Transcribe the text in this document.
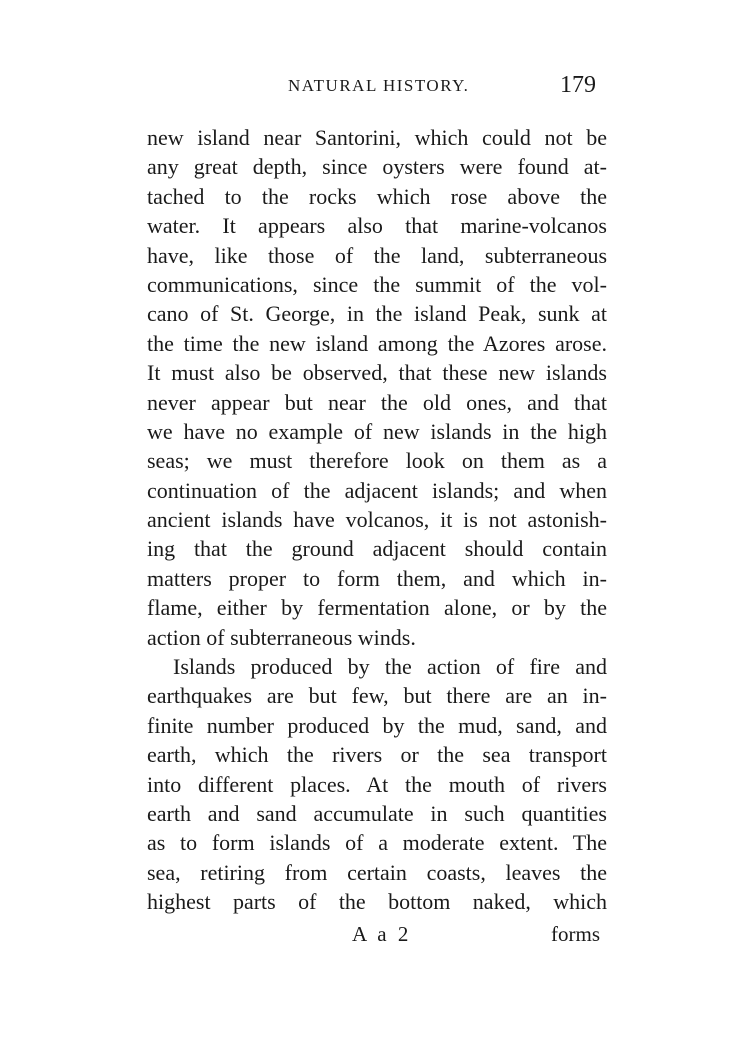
NATURAL HISTORY.	179
new island near Santorini, which could not be
any great depth, since oysters were found at-
tached to the rocks which rose above the
water. It appears also that marine-volcanos
have, like those of the land, subterraneous
communications, since the summit of the vol-
cano of St. George, in the island Peak, sunk at
the time the new island among the Azores arose.
It must also be observed, that these new islands
never appear but near the old ones, and that
we have no example of new islands in the high
seas; we must therefore look on them as a
continuation of the adjacent islands; and when
ancient islands have volcanos, it is not astonish-
ing that the ground adjacent should contain
matters proper to form them, and which in-
flame, either by fermentation alone, or by the
action of subterraneous winds.
Islands produced by the action of fire and
earthquakes are but few, but there are an in-
finite number produced by the mud, sand, and
earth, which the rivers or the sea transport
into different places. At the mouth of rivers
earth and sand accumulate in such quantities
as to form islands of a moderate extent. The
sea, retiring from certain coasts, leaves the
highest parts of the bottom naked, which
A a 2	forms
